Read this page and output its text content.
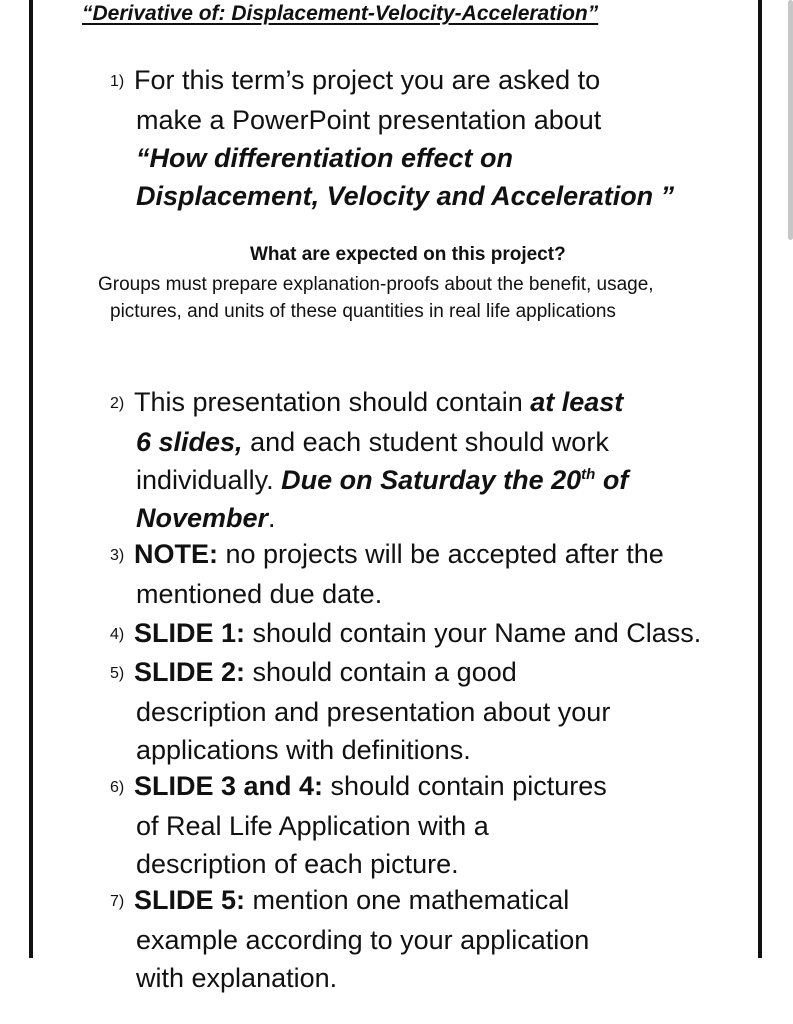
“Derivative of: Displacement-Velocity-Acceleration”
1) For this term’s project you are asked to
make a PowerPoint presentation about
“How differentiation effect on
Displacement, Velocity and Acceleration ”
What are expected on this project?
Groups must prepare explanation-proofs about the benefit, usage,
pictures, and units of these quantities in real life applications
2) This presentation should contain at least
6 slides, and each student should work
individually. Due on Saturday the 20th of
November.
3) NOTE: no projects will be accepted after the
mentioned due date.
4) SLIDE 1: should contain your Name and Class.
5) SLIDE 2: should contain a good
description and presentation about your
applications with definitions.
6) SLIDE 3 and 4: should contain pictures
of Real Life Application with a
description of each picture.
7) SLIDE 5: mention one mathematical
example according to your application
with explanation.
